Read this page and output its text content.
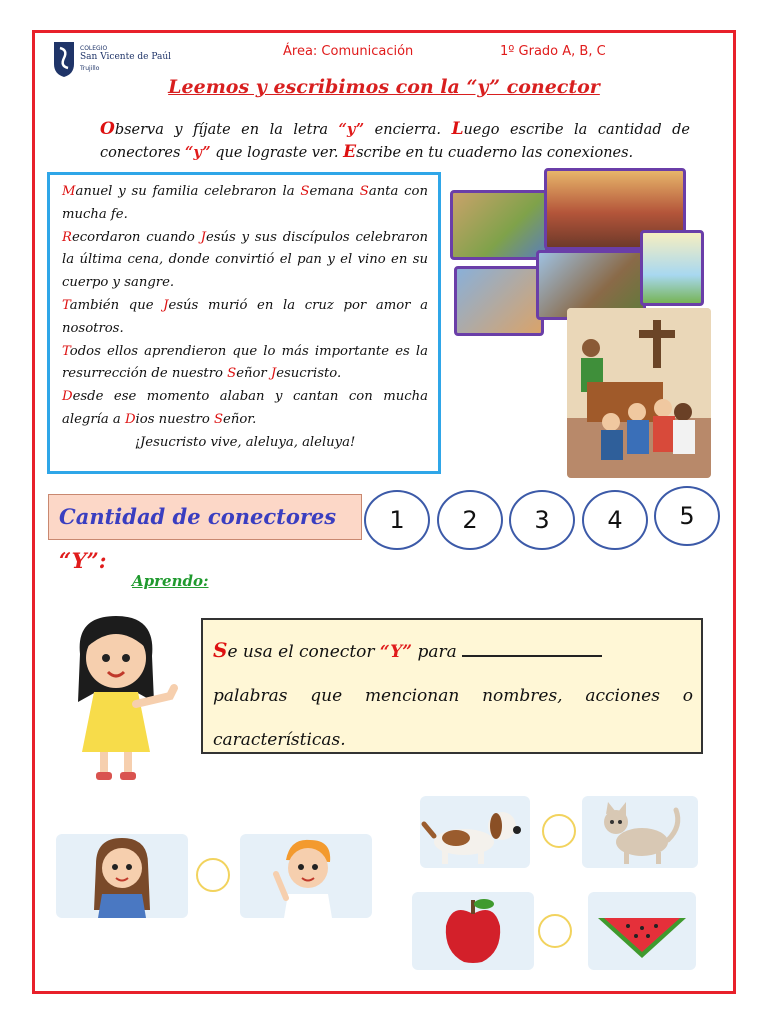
COLEGIO
San Vicente de Paúl
Trujillo
Área: Comunicación	1º Grado A, B, C
Leemos y escribimos con la “y” conector
Observa y fíjate en la letra “y” encierra. Luego escribe la cantidad de conectores “y” que lograste ver. Escribe en tu cuaderno las conexiones.

Manuel y su familia celebraron la Semana Santa con mucha fe.

Recordaron cuando Jesús y sus discípulos celebraron la última cena, donde convirtió el pan y el vino en su cuerpo y sangre.

También que Jesús murió en la cruz por amor a nosotros.

Todos ellos aprendieron que lo más importante es la resurrección de nuestro Señor Jesucristo.

Desde ese momento alaban y cantan con mucha alegría a Dios nuestro Señor.

¡Jesucristo vive, aleluya, aleluya!

Cantidad de conectores “Y”:
1	2	3	4	5
Aprendo:
Se usa el conector “Y” para
palabras que mencionan nombres, acciones o características.
